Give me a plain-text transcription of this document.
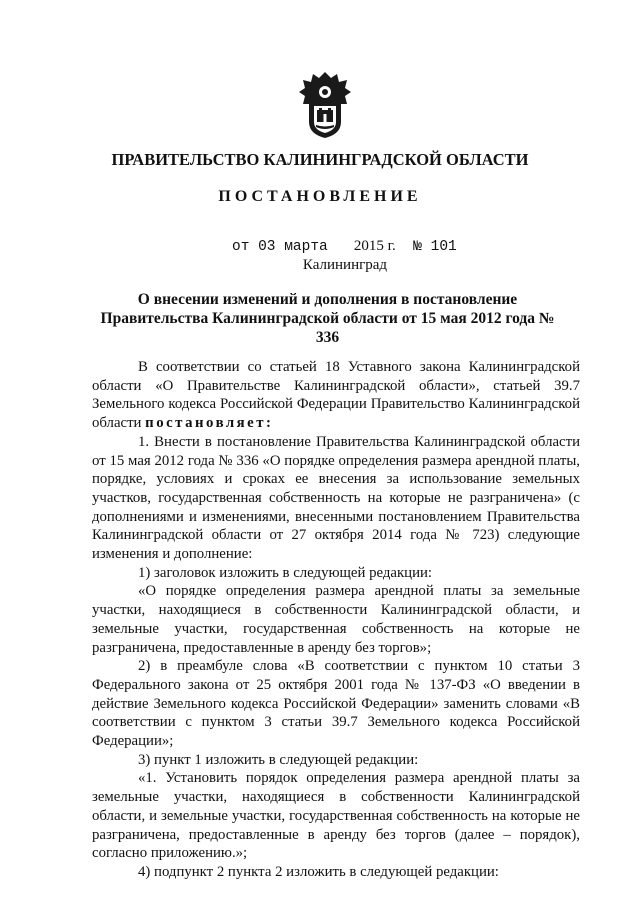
ПРАВИТЕЛЬСТВО КАЛИНИНГРАДСКОЙ ОБЛАСТИ
ПОСТАНОВЛЕНИЕ
от 03 марта 2015 г. № 101
Калининград
О внесении изменений и дополнения в постановление Правительства Калининградской области от 15 мая 2012 года № 336

В соответствии со статьей 18 Уставного закона Калининградской области «О Правительстве Калининградской области», статьей 39.7 Земельного кодекса Российской Федерации Правительство Калининградской области постановляет:

1. Внести в постановление Правительства Калининградской области от 15 мая 2012 года № 336 «О порядке определения размера арендной платы, порядке, условиях и сроках ее внесения за использование земельных участков, государственная собственность на которые не разграничена» (с дополнениями и изменениями, внесенными постановлением Правительства Калининградской области от 27 октября 2014 года № 723) следующие изменения и дополнение:

1) заголовок изложить в следующей редакции:

«О порядке определения размера арендной платы за земельные участки, находящиеся в собственности Калининградской области, и земельные участки, государственная собственность на которые не разграничена, предоставленные в аренду без торгов»;

2) в преамбуле слова «В соответствии с пунктом 10 статьи 3 Федерального закона от 25 октября 2001 года № 137-ФЗ «О введении в действие Земельного кодекса Российской Федерации» заменить словами «В соответствии с пунктом 3 статьи 39.7 Земельного кодекса Российской Федерации»;

3) пункт 1 изложить в следующей редакции:

«1. Установить порядок определения размера арендной платы за земельные участки, находящиеся в собственности Калининградской области, и земельные участки, государственная собственность на которые не разграничена, предоставленные в аренду без торгов (далее – порядок), согласно приложению.»;

4) подпункт 2 пункта 2 изложить в следующей редакции:
